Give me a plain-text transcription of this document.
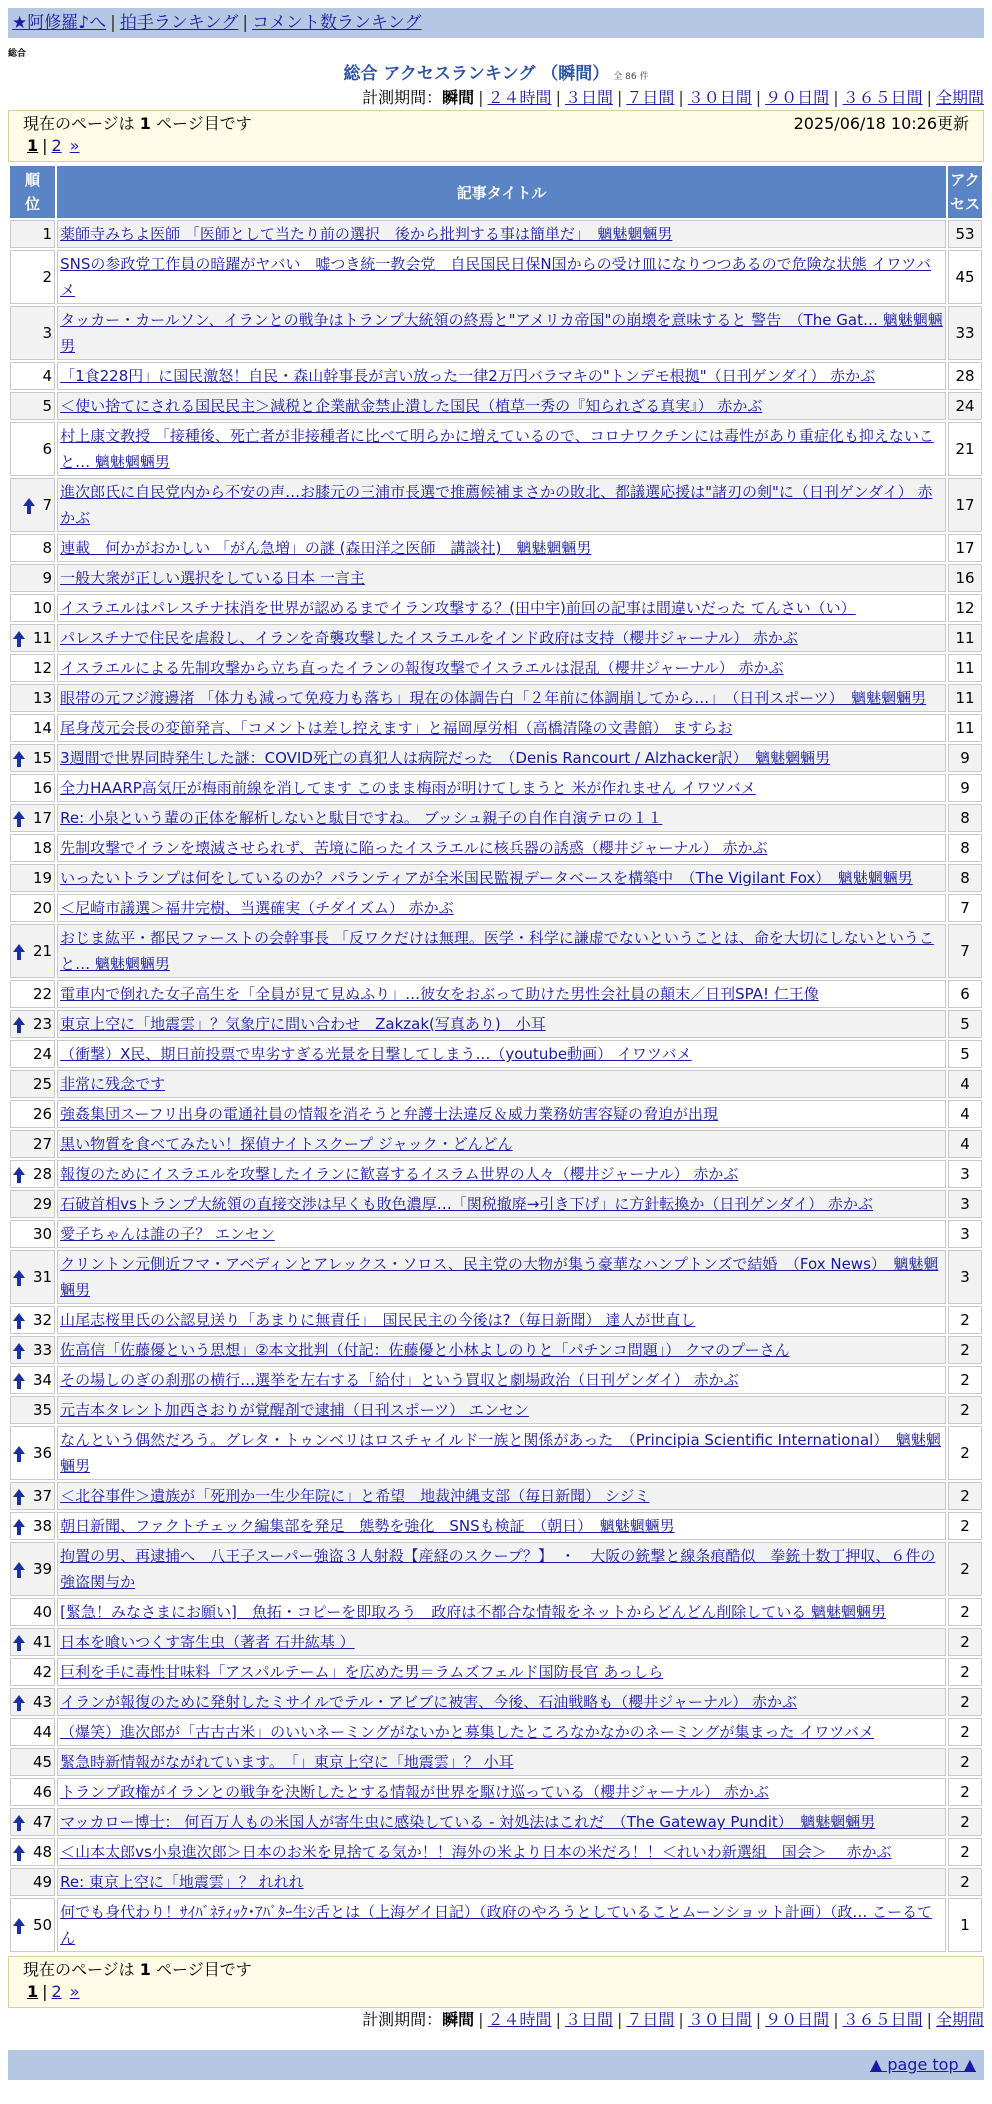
★阿修羅♪へ | 拍手ランキング | コメント数ランキング
総合
総合 アクセスランキング （瞬間） 全 86 件
計測期間：瞬間 | ２４時間 | ３日間 | ７日間 | ３０日間 | ９０日間 | ３６５日間 | 全期間
現在のページは 1 ページ目です	2025/06/18 10:26更新
1 | 2 »
順位	記事タイトル	アクセス
1	薬師寺みちよ医師 「医師として当たり前の選択　後から批判する事は簡単だ」　魑魅魍魎男	53
2	SNSの参政党工作員の暗躍がヤバい　嘘つき統一教会党　自民国民日保N国からの受け皿になりつつあるので危険な状態 イワツバメ	45
3	タッカー・カールソン、イランとの戦争はトランプ大統領の終焉と"アメリカ帝国"の崩壊を意味すると 警告　（The Gat… 魑魅魍魎男	33
4	「1食228円」に国民激怒！自民・森山幹事長が言い放った一律2万円バラマキの"トンデモ根拠"（日刊ゲンダイ） 赤かぶ	28
5	＜使い捨てにされる国民民主＞減税と企業献金禁止潰した国民（植草一秀の『知られざる真実』） 赤かぶ	24
6	村上康文教授 「接種後、死亡者が非接種者に比べて明らかに増えているので、コロナワクチンには毒性があり重症化も抑えないこと… 魑魅魍魎男	21

7	進次郎氏に自民党内から不安の声…お膝元の三浦市長選で推薦候補まさかの敗北、都議選応援は"諸刃の剣"に（日刊ゲンダイ） 赤かぶ	17
8	連載　何かがおかしい 「がん急増」の謎 (森田洋之医師　講談社)　魑魅魍魎男	17
9	一般大衆が正しい選択をしている日本 一言主	16
10	イスラエルはパレスチナ抹消を世界が認めるまでイラン攻撃する？(田中宇)前回の記事は間違いだった てんさい（い）	12

11	パレスチナで住民を虐殺し、イランを奇襲攻撃したイスラエルをインド政府は支持（櫻井ジャーナル） 赤かぶ	11
12	イスラエルによる先制攻撃から立ち直ったイランの報復攻撃でイスラエルは混乱（櫻井ジャーナル） 赤かぶ	11
13	眼帯の元フジ渡邊渚 「体力も減って免疫力も落ち」現在の体調告白「２年前に体調崩してから…」　（日刊スポーツ）　魑魅魍魎男	11
14	尾身茂元会長の変節発言、「コメントは差し控えます」と福岡厚労相（高橋清隆の文書館） ますらお	11

15	3週間で世界同時発生した謎：COVID死亡の真犯人は病院だった　（Denis Rancourt / Alzhacker訳）　魑魅魍魎男	9
16	全力HAARP高気圧が梅雨前線を消してます このまま梅雨が明けてしまうと 米が作れません イワツバメ	9

17	Re: 小泉という輩の正体を解析しないと駄目ですね。 ブッシュ親子の自作自演テロの１１	8
18	先制攻撃でイランを壊滅させられず、苦境に陥ったイスラエルに核兵器の誘惑（櫻井ジャーナル） 赤かぶ	8
19	いったいトランプは何をしているのか？パランティアが全米国民監視データベースを構築中　（The Vigilant Fox）　魑魅魍魎男	8
20	＜尼崎市議選＞福井完樹、当選確実（チダイズム） 赤かぶ	7

21	おじま紘平・都民ファーストの会幹事長 「反ワクだけは無理。医学・科学に謙虚でないということは、命を大切にしないということ… 魑魅魍魎男	7
22	電車内で倒れた女子高生を「全員が見て見ぬふり」…彼女をおぶって助けた男性会社員の顛末／日刊SPA! 仁王像	6

23	東京上空に「地震雲」？気象庁に問い合わせ　Zakzak(写真あり)　小耳	5
24	（衝撃）X民、期日前投票で卑劣すぎる光景を目撃してしまう…（youtube動画） イワツバメ	5
25	非常に残念です	4
26	強姦集団スーフリ出身の電通社員の情報を消そうと弁護士法違反＆威力業務妨害容疑の脅迫が出現	4
27	黒い物質を食べてみたい！探偵ナイトスクープ ジャック・どんどん	4

28	報復のためにイスラエルを攻撃したイランに歓喜するイスラム世界の人々（櫻井ジャーナル） 赤かぶ	3
29	石破首相vsトランプ大統領の直接交渉は早くも敗色濃厚…「関税撤廃→引き下げ」に方針転換か（日刊ゲンダイ） 赤かぶ	3
30	愛子ちゃんは誰の子？ エンセン	3

31	クリントン元側近フマ・アベディンとアレックス・ソロス、民主党の大物が集う豪華なハンプトンズで結婚　（Fox News）　魑魅魍魎男	3

32	山尾志桜里氏の公認見送り「あまりに無責任」　国民民主の今後は?（毎日新聞） 達人が世直し	2

33	佐高信「佐藤優という思想」②本文批判（付記：佐藤優と小林よしのりと「パチンコ問題」） クマのプーさん	2

34	その場しのぎの刹那の横行…選挙を左右する「給付」という買収と劇場政治（日刊ゲンダイ） 赤かぶ	2
35	元吉本タレント加西さおりが覚醒剤で逮捕（日刊スポーツ） エンセン	2

36	なんという偶然だろう。グレタ・トゥンベリはロスチャイルド一族と関係があった　（Principia Scientific International）　魑魅魍魎男	2

37	＜北谷事件＞遺族が「死刑か一生少年院に」と希望　地裁沖縄支部（毎日新聞） シジミ	2

38	朝日新聞、ファクトチェック編集部を発足　態勢を強化　SNSも検証　（朝日）　魑魅魍魎男	2

39	拘置の男、再逮捕へ　八王子スーパー強盗３人射殺【産経のスクープ？】　・　大阪の銃撃と線条痕酷似　拳銃十数丁押収、６件の強盗関与か	2
40	[緊急！みなさまにお願い]　魚拓・コピーを即取ろう　政府は不都合な情報をネットからどんどん削除している 魑魅魍魎男	2

41	日本を喰いつくす寄生虫（著者 石井紘基 ）	2
42	巨利を手に毒性甘味料「アスパルテーム」を広めた男＝ラムズフェルド国防長官 あっしら	2

43	イランが報復のために発射したミサイルでテル・アビブに被害、今後、石油戦略も（櫻井ジャーナル） 赤かぶ	2
44	（爆笑）進次郎が「古古古米」のいいネーミングがないかと募集したところなかなかのネーミングが集まった イワツバメ	2
45	緊急時新情報がながれています。　「」東京上空に「地震雲」？ 小耳	2
46	トランプ政権がイランとの戦争を決断したとする情報が世界を駆け巡っている（櫻井ジャーナル） 赤かぶ	2

47	マッカロー博士： 何百万人もの米国人が寄生虫に感染している - 対処法はこれだ　（The Gateway Pundit）　魑魅魍魎男	2

48	＜山本太郎vs小泉進次郎＞日本のお米を見捨てる気か！！海外の米より日本の米だろ！！＜れいわ新選組　国会＞　 赤かぶ	2
49	Re: 東京上空に「地震雲」？ れれれ	2

50	何でも身代わり！ｻｲﾊﾞﾈﾃｨｯｸ･ｱﾊﾞﾀｰ生ｼ舌とは（上海ゲイ日記）（政府のやろうとしていることムーンショット計画）（政… こーるてん	1
現在のページは 1 ページ目です
1 | 2 »
計測期間：瞬間 | ２４時間 | ３日間 | ７日間 | ３０日間 | ９０日間 | ３６５日間 | 全期間
▲ page top ▲
